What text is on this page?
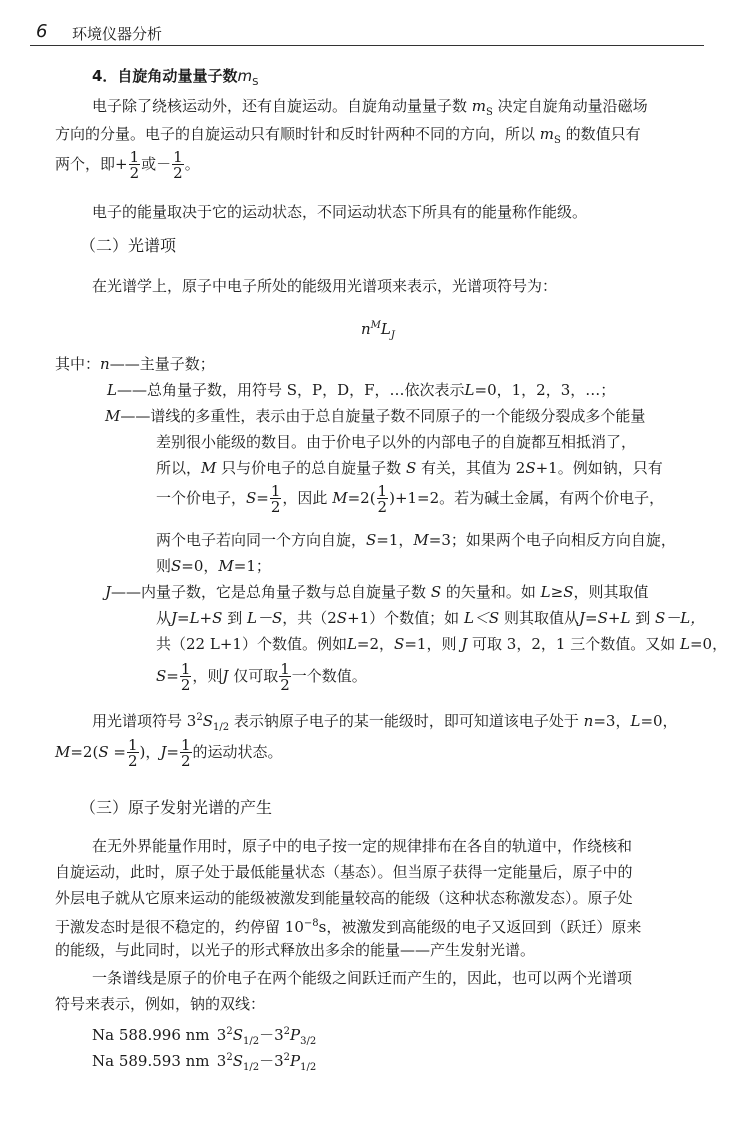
6 环境仪器分析
4．自旋角动量量子数$m_S$
电子除了绕核运动外，还有自旋运动。自旋角动量量子数 $m_S$ 决定自旋角动量沿磁场
方向的分量。电子的自旋运动只有顺时针和反时针两种不同的方向，所以 $m_S$ 的数值只有
两个，即+ $\frac{1}{2}$ 或－ $\frac{1}{2}$ 。
电子的能量取决于它的运动状态，不同运动状态下所具有的能量称作能级。
（二）光谱项
在光谱学上，原子中电子所处的能级用光谱项来表示，光谱项符号为：
$n^ML_J$
其中：n——主量子数；
L——总角量子数，用符号 S，P，D，F，…依次表示L=0，1，2，3，…；
M——谱线的多重性，表示由于总自旋量子数不同原子的一个能级分裂成多个能量
差别很小能级的数目。由于价电子以外的内部电子的自旋都互相抵消了，
所以，M 只与价电子的总自旋量子数 S 有关，其值为 2S+1。例如钠，只有
一个价电子，$S= \frac{1}{2}$ ，因此 $M=2( \frac{1}{2} )+1=2$。若为碱土金属，有两个价电子，
两个电子若向同一个方向自旋，S=1，M=3；如果两个电子向相反方向自旋，
则S=0，M=1；
J——内量子数，它是总角量子数与总自旋量子数 S 的矢量和。如 L≥S，则其取值
从J=L+S 到 L－S，共（2S+1）个数值；如 L＜S 则其取值从J=S+L 到 S－L，
共（22 L+1）个数值。例如L=2，S=1，则 J 可取 3，2，1 三个数值。又如 L=0，
$S= \frac{1}{2}$ ，则J 仅可取 $\frac{1}{2}$ 一个数值。
用光谱项符号 $3^2S_{1/2}$ 表示钠原子电子的某一能级时，即可知道该电子处于 n=3，L=0，
$M=2(S = \frac{1}{2}$ )，$J= \frac{1}{2}$ 的运动状态。
（三）原子发射光谱的产生
在无外界能量作用时，原子中的电子按一定的规律排布在各自的轨道中，作绕核和
自旋运动，此时，原子处于最低能量状态（基态）。但当原子获得一定能量后，原子中的
外层电子就从它原来运动的能级被激发到能量较高的能级（这种状态称激发态）。原子处
于激发态时是很不稳定的，约停留 $10^{-8}s$，被激发到高能级的电子又返回到（跃迁）原来
的能级，与此同时，以光子的形式释放出多余的能量——产生发射光谱。
一条谱线是原子的价电子在两个能级之间跃迁而产生的，因此，也可以两个光谱项
符号来表示，例如，钠的双线：
Na 588.996 nm $3^2S_{1/2}-3^2P_{3/2}$
Na 589.593 nm $3^2S_{1/2}-3^2P_{1/2}$
